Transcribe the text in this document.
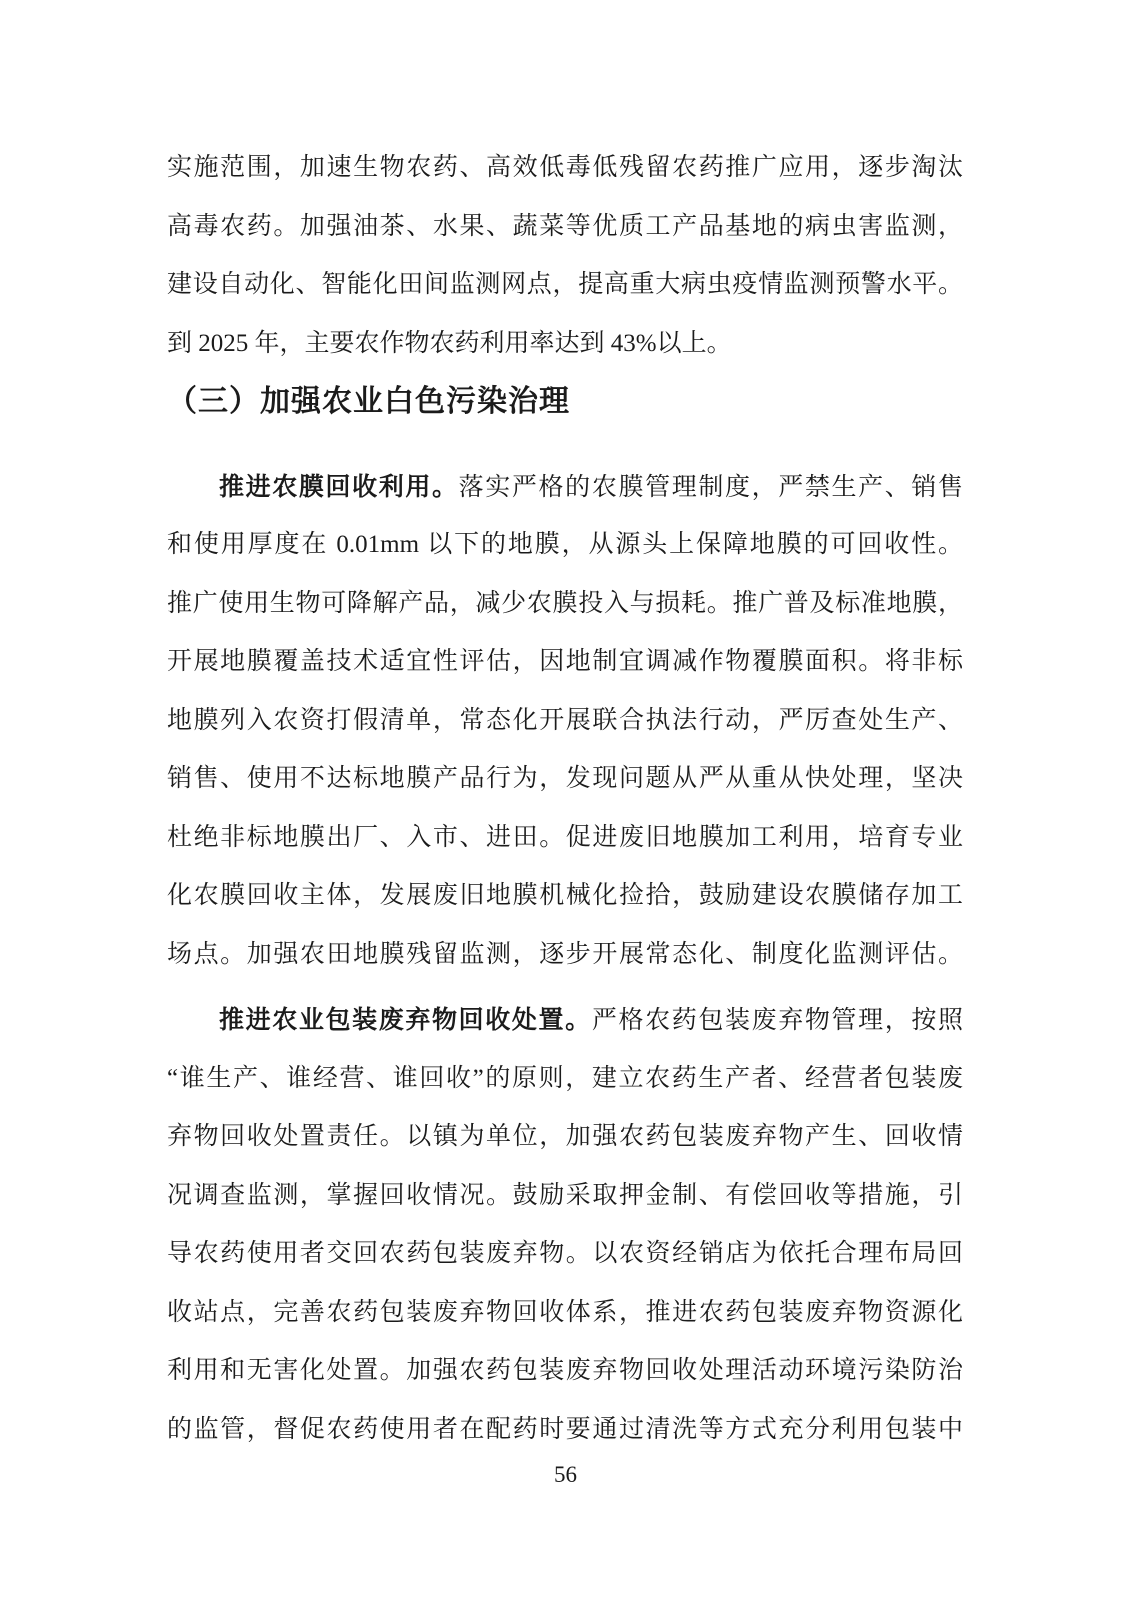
实施范围，加速生物农药、高效低毒低残留农药推广应用，逐步淘汰
高毒农药。加强油茶、水果、蔬菜等优质工产品基地的病虫害监测，
建设自动化、智能化田间监测网点，提高重大病虫疫情监测预警水平。
到 2025 年，主要农作物农药利用率达到 43%以上。
（三）加强农业白色污染治理
推进农膜回收利用。落实严格的农膜管理制度，严禁生产、销售
和使用厚度在 0.01mm 以下的地膜，从源头上保障地膜的可回收性。
推广使用生物可降解产品，减少农膜投入与损耗。推广普及标准地膜，
开展地膜覆盖技术适宜性评估，因地制宜调减作物覆膜面积。将非标
地膜列入农资打假清单，常态化开展联合执法行动，严厉查处生产、
销售、使用不达标地膜产品行为，发现问题从严从重从快处理，坚决
杜绝非标地膜出厂、入市、进田。促进废旧地膜加工利用，培育专业
化农膜回收主体，发展废旧地膜机械化捡拾，鼓励建设农膜储存加工
场点。加强农田地膜残留监测，逐步开展常态化、制度化监测评估。
推进农业包装废弃物回收处置。严格农药包装废弃物管理，按照
“谁生产、谁经营、谁回收”的原则，建立农药生产者、经营者包装废
弃物回收处置责任。以镇为单位，加强农药包装废弃物产生、回收情
况调查监测，掌握回收情况。鼓励采取押金制、有偿回收等措施，引
导农药使用者交回农药包装废弃物。以农资经销店为依托合理布局回
收站点，完善农药包装废弃物回收体系，推进农药包装废弃物资源化
利用和无害化处置。加强农药包装废弃物回收处理活动环境污染防治
的监管，督促农药使用者在配药时要通过清洗等方式充分利用包装中
56
